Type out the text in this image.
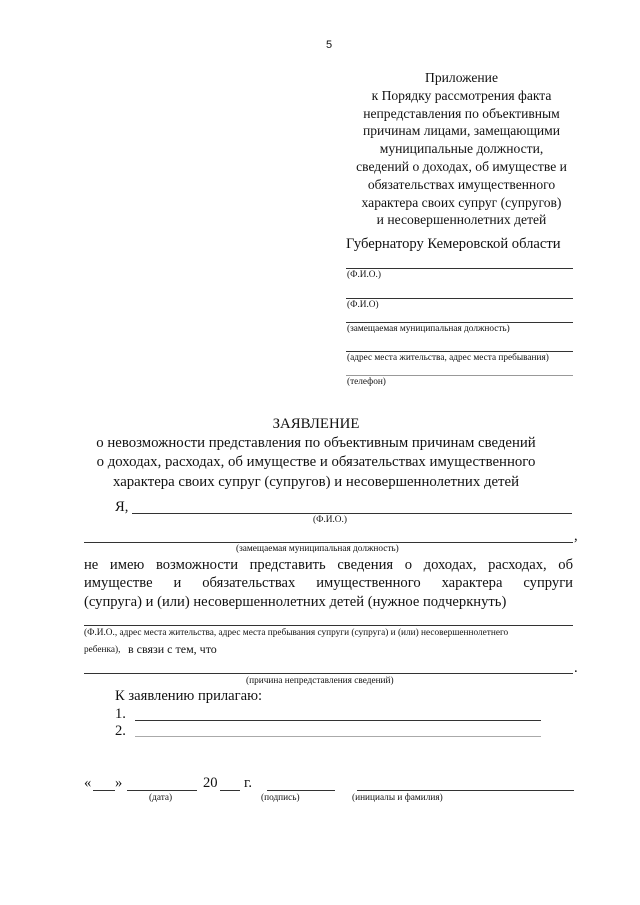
5
Приложение
к Порядку рассмотрения факта
непредставления по объективным
причинам лицами, замещающими
муниципальные должности,
сведений о доходах, об имуществе и
обязательствах имущественного
характера своих супруг (супругов)
и несовершеннолетних детей
Губернатору Кемеровской области
(Ф.И.О.)
(Ф.И.О)
(замещаемая муниципальная должность)
(адрес места жительства, адрес места пребывания)
(телефон)
ЗАЯВЛЕНИЕ
о невозможности представления по объективным причинам сведений
о доходах, расходах, об имуществе и обязательствах имущественного
характера своих супруг (супругов) и несовершеннолетних детей
Я,
(Ф.И.О.)
,
(замещаемая муниципальная должность)
не имею возможности представить сведения о доходах, расходах, об
имуществе и обязательствах имущественного характера супруги
(супруга) и (или) несовершеннолетних детей (нужное подчеркнуть)
(Ф.И.О., адрес места жительства, адрес места пребывания супруги (супруга) и (или) несовершеннолетнего
ребенка), в связи с тем, что
.
(причина непредставления сведений)
К заявлению прилагаю:
1.
2.
« »	20 г.
(дата)	(подпись)	(инициалы и фамилия)
